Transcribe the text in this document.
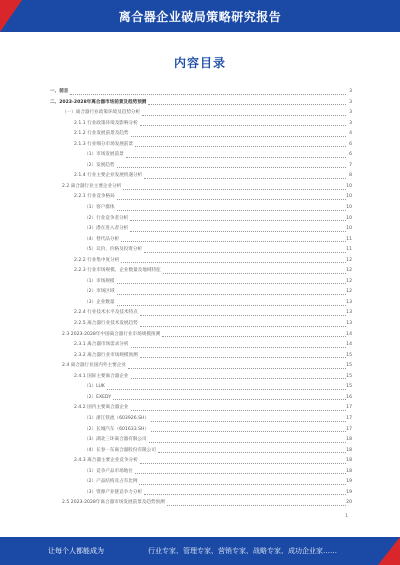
离合器企业破局策略研究报告
内容目录
一、前言	3
二、2023-2028年离合器市场前景及趋势预测	3
（一）离合器行业政策环境及趋势分析	3
2.1.1 行业政策环境及影响分析	3
2.1.2 行业发展前景及趋势	4
2.1.3 行业细分市场发展前景	6
（1）市场发展前景	6
（2）发展趋势	7
2.1.4 行业主要企业发展机遇分析	8
2.2 离合器行业主要企业分析	10
2.2.1 行业竞争格局	10
（1）客户群体	10
（2）行业竞争者分析	10
（3）潜在进入者分析	10
（4）替代品分析	11
（5）议价、价格及投资分析	11
2.2.2 行业集中度分析	12
2.2.3 行业市场规模、企业数量及地域特征	12
（1）市场规模	12
（2）市场区域	12
（3）企业数量	13
2.2.4 行业技术水平及技术特点	13
2.2.5 离合器行业技术发展趋势	13
2.3 2023-2028年中国离合器行业市场规模预测	14
2.3.1 离合器市场需求分析	14
2.3.2 离合器行业市场规模预测	15
2.4 离合器行业国内外主要企业	15
2.4.1 国际主要离合器企业	15
（1）LUK	15
（2）EXEDY	16
2.4.2 国内主要离合器企业	17
（1）浙江铁流（603926.SH）	17
（2）长城汽车（601633.SH）	17
（3）湖北三环离合器有限公司	18
（4）长春一东离合器股份有限公司	18
2.4.3 离合器主要企业竞争分析	18
（1）竞争产品市场地位	18
（2）产品结构及占有比例	19
（3）资源产业链竞争力分析	19
2.5 2023-2028年离合器市场发展前景及趋势预测	20
1
让每个人都能成为	行业专家、管理专家、营销专家、战略专家、成功企业家……
